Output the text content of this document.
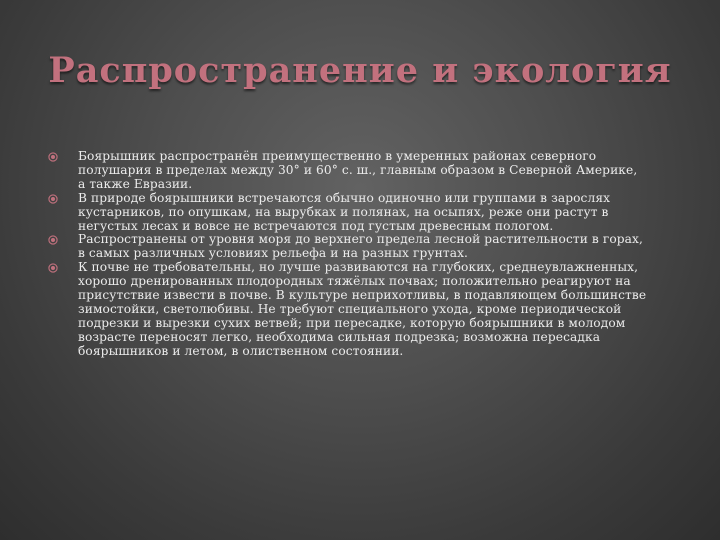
Распространение и экология
Боярышник распространён преимущественно в умеренных районах северного полушария в пределах между 30° и 60° с. ш., главным образом в Северной Америке, а также Евразии.
В природе боярышники встречаются обычно одиночно или группами в зарослях кустарников, по опушкам, на вырубках и полянах, на осыпях, реже они растут в негустых лесах и вовсе не встречаются под густым древесным пологом.
Распространены от уровня моря до верхнего предела лесной растительности в горах, в самых различных условиях рельефа и на разных грунтах.
К почве не требовательны, но лучше развиваются на глубоких, среднеувлажненных, хорошо дренированных плодородных тяжёлых почвах; положительно реагируют на присутствие извести в почве. В культуре неприхотливы, в подавляющем большинстве зимостойки, светолюбивы. Не требуют специального ухода, кроме периодической подрезки и вырезки сухих ветвей; при пересадке, которую боярышники в молодом возрасте переносят легко, необходима сильная подрезка; возможна пересадка боярышников и летом, в олиственном состоянии.
